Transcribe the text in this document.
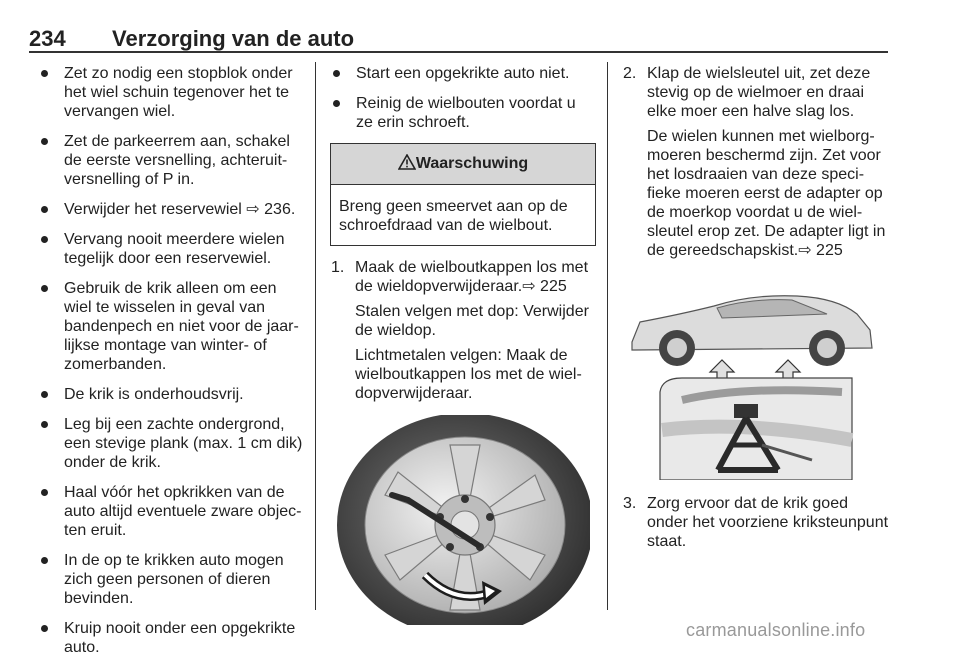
234 Verzorging van de auto
Zet zo nodig een stopblok onder het wiel schuin tegenover het te vervangen wiel.
Zet de parkeerrem aan, schakel de eerste versnelling, achteruit-versnelling of P in.
Verwijder het reservewiel ⇨ 236.
Vervang nooit meerdere wielen tegelijk door een reservewiel.
Gebruik de krik alleen om een wiel te wisselen in geval van bandenpech en niet voor de jaar-lijkse montage van winter- of zomerbanden.
De krik is onderhoudsvrij.
Leg bij een zachte ondergrond, een stevige plank (max. 1 cm dik) onder de krik.
Haal vóór het opkrikken van de auto altijd eventuele zware objec-ten eruit.
In de op te krikken auto mogen zich geen personen of dieren bevinden.
Kruip nooit onder een opgekrikte auto.
Start een opgekrikte auto niet.
Reinig de wielbouten voordat u ze erin schroeft.
Waarschuwing
Breng geen smeervet aan op de schroefdraad van de wielbout.
1. Maak de wielboutkappen los met de wieldopverwijderaar.⇨ 225

Stalen velgen met dop: Verwijder de wieldop.

Lichtmetalen velgen: Maak de wielboutkappen los met de wiel-dopverwijderaar.

2. Klap de wielsleutel uit, zet deze stevig op de wielmoer en draai elke moer een halve slag los.

De wielen kunnen met wielborg-moeren beschermd zijn. Zet voor het losdraaien van deze speci-fieke moeren eerst de adapter op de moerkop voordat u de wiel-sleutel erop zet. De adapter ligt in de gereedschapskist.⇨ 225

3. Zorg ervoor dat de krik goed onder het voorziene kriksteunpunt staat.

carmanualsonline.info
